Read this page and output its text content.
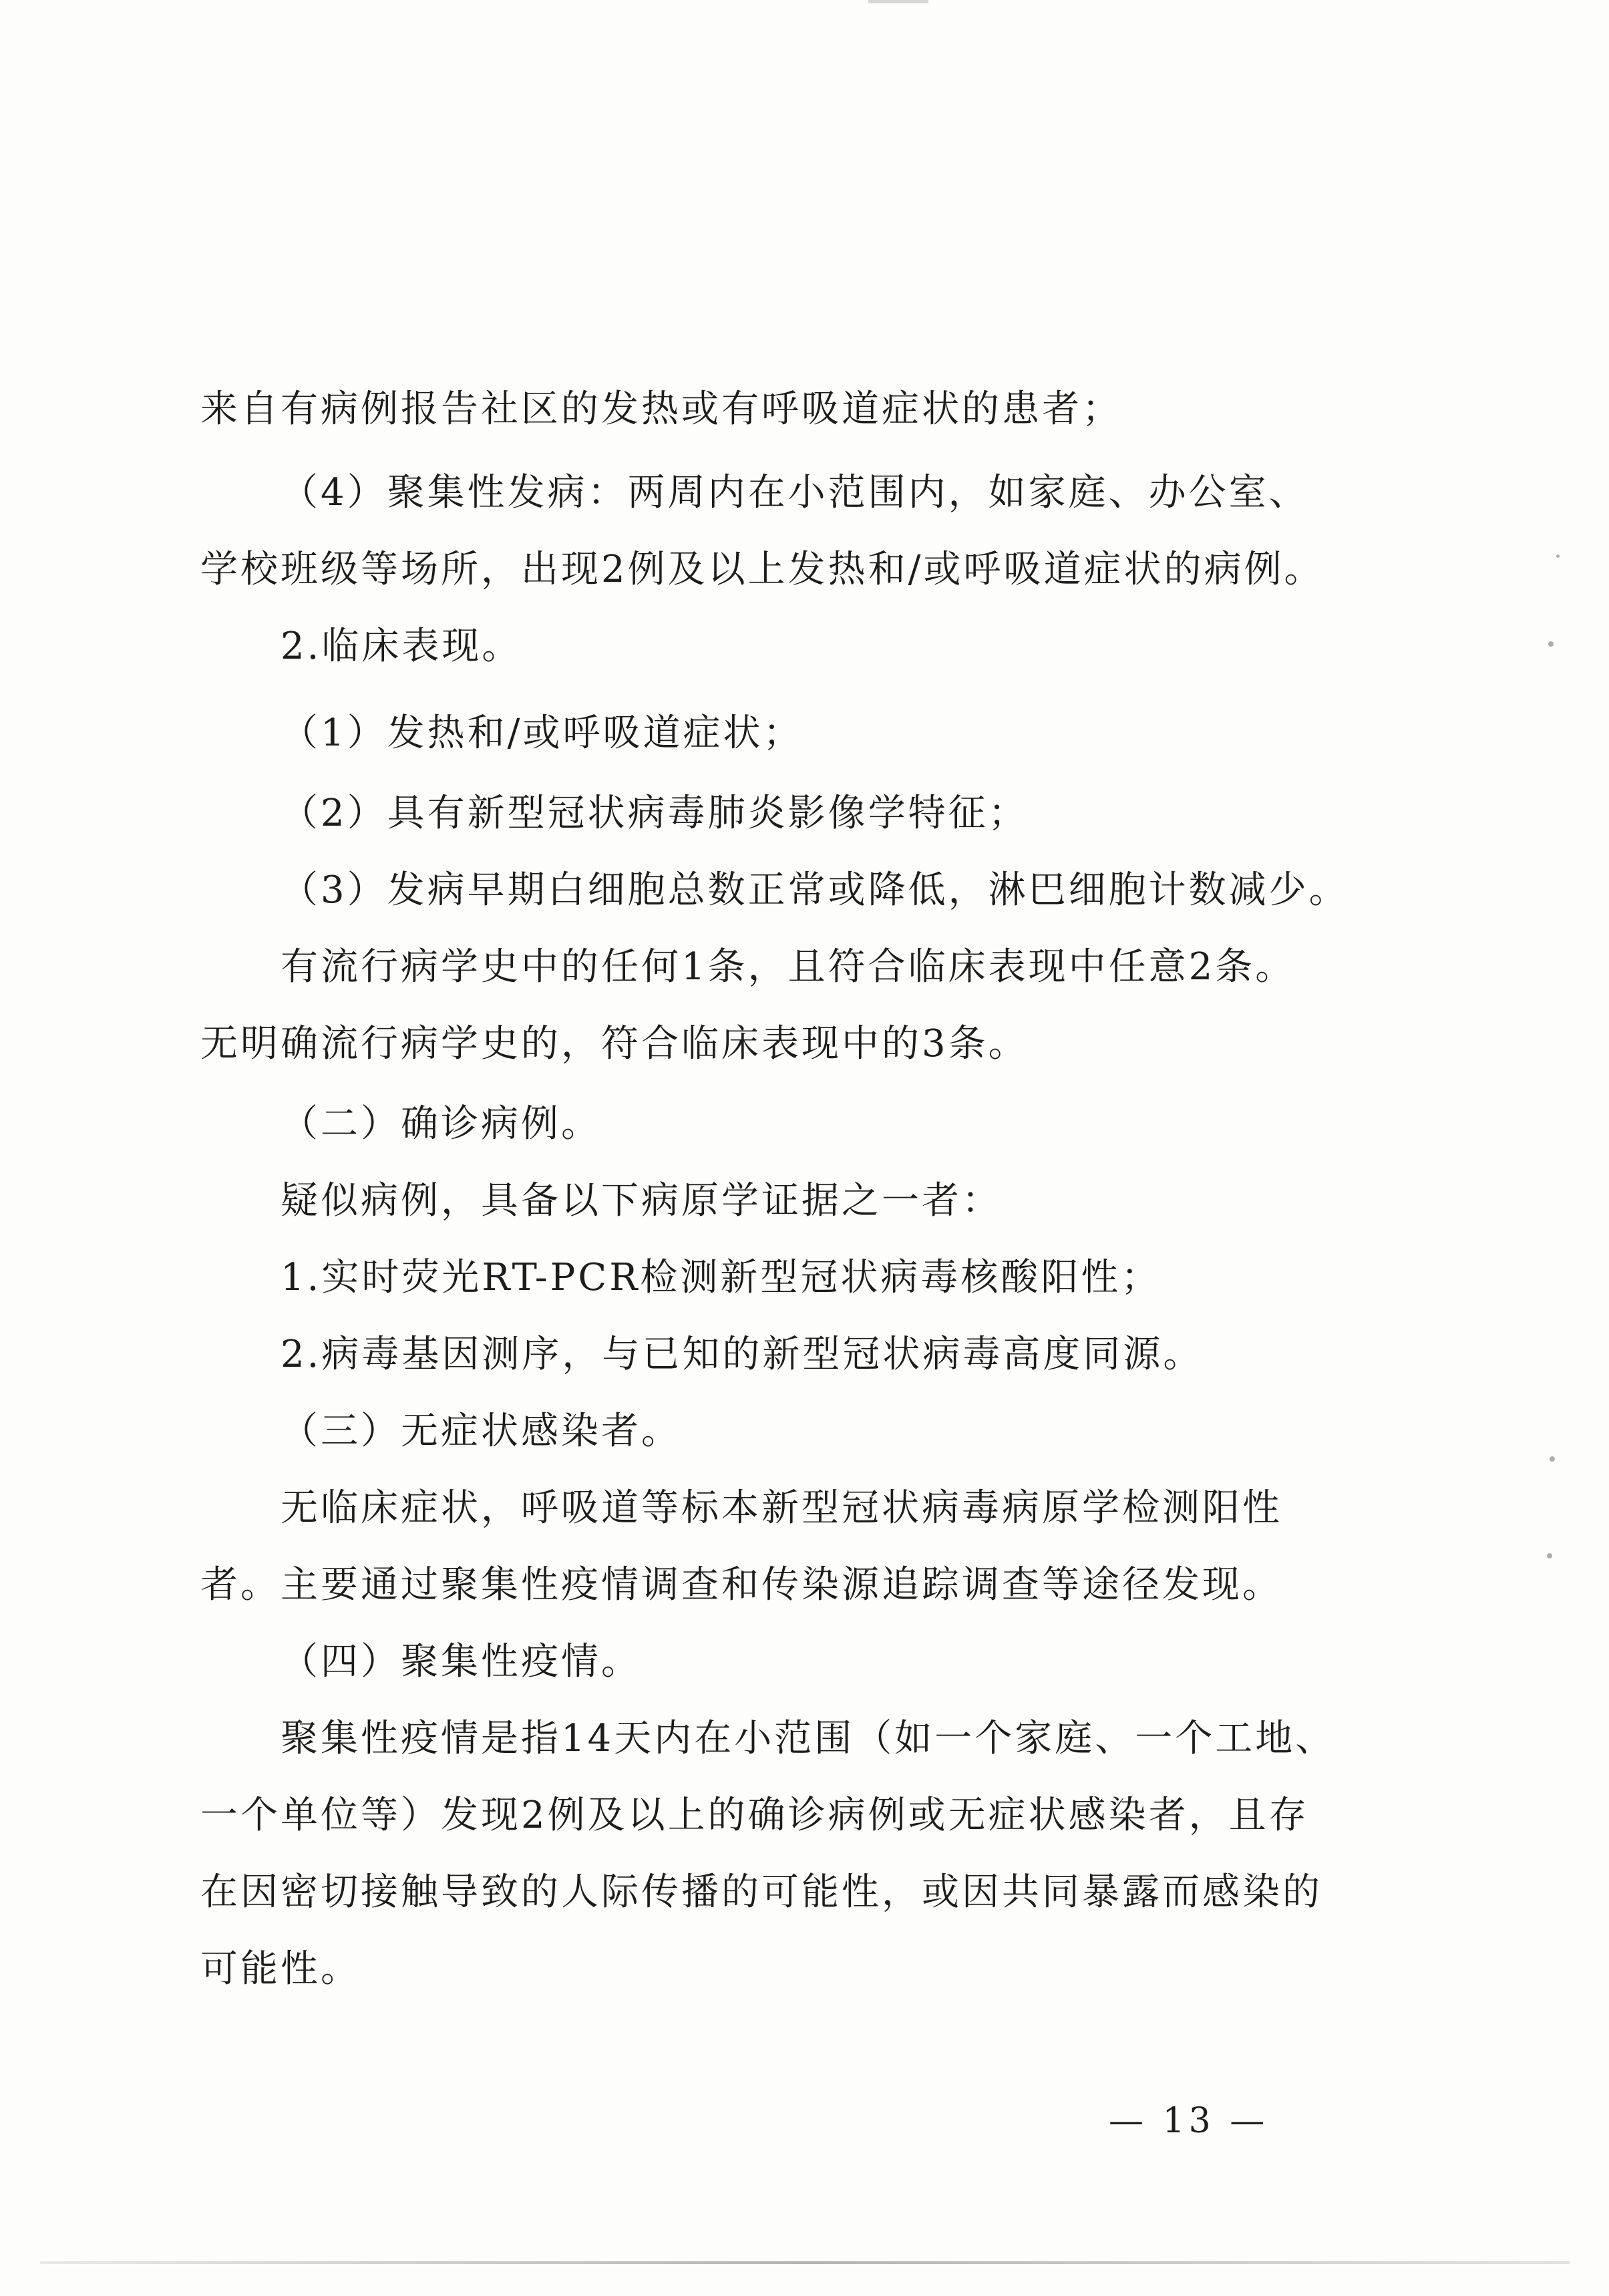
来自有病例报告社区的发热或有呼吸道症状的患者；
（4）聚集性发病：两周内在小范围内，如家庭、办公室、
学校班级等场所，出现2例及以上发热和/或呼吸道症状的病例。
2.临床表现。
（1）发热和/或呼吸道症状；
（2）具有新型冠状病毒肺炎影像学特征；
（3）发病早期白细胞总数正常或降低，淋巴细胞计数减少。
有流行病学史中的任何1条，且符合临床表现中任意2条。
无明确流行病学史的，符合临床表现中的3条。
（二）确诊病例。
疑似病例，具备以下病原学证据之一者：
1.实时荧光RT-PCR检测新型冠状病毒核酸阳性；
2.病毒基因测序，与已知的新型冠状病毒高度同源。
（三）无症状感染者。
无临床症状，呼吸道等标本新型冠状病毒病原学检测阳性
者。主要通过聚集性疫情调查和传染源追踪调查等途径发现。
（四）聚集性疫情。
聚集性疫情是指14天内在小范围（如一个家庭、一个工地、
一个单位等）发现2例及以上的确诊病例或无症状感染者，且存
在因密切接触导致的人际传播的可能性，或因共同暴露而感染的
可能性。
— 13 —
